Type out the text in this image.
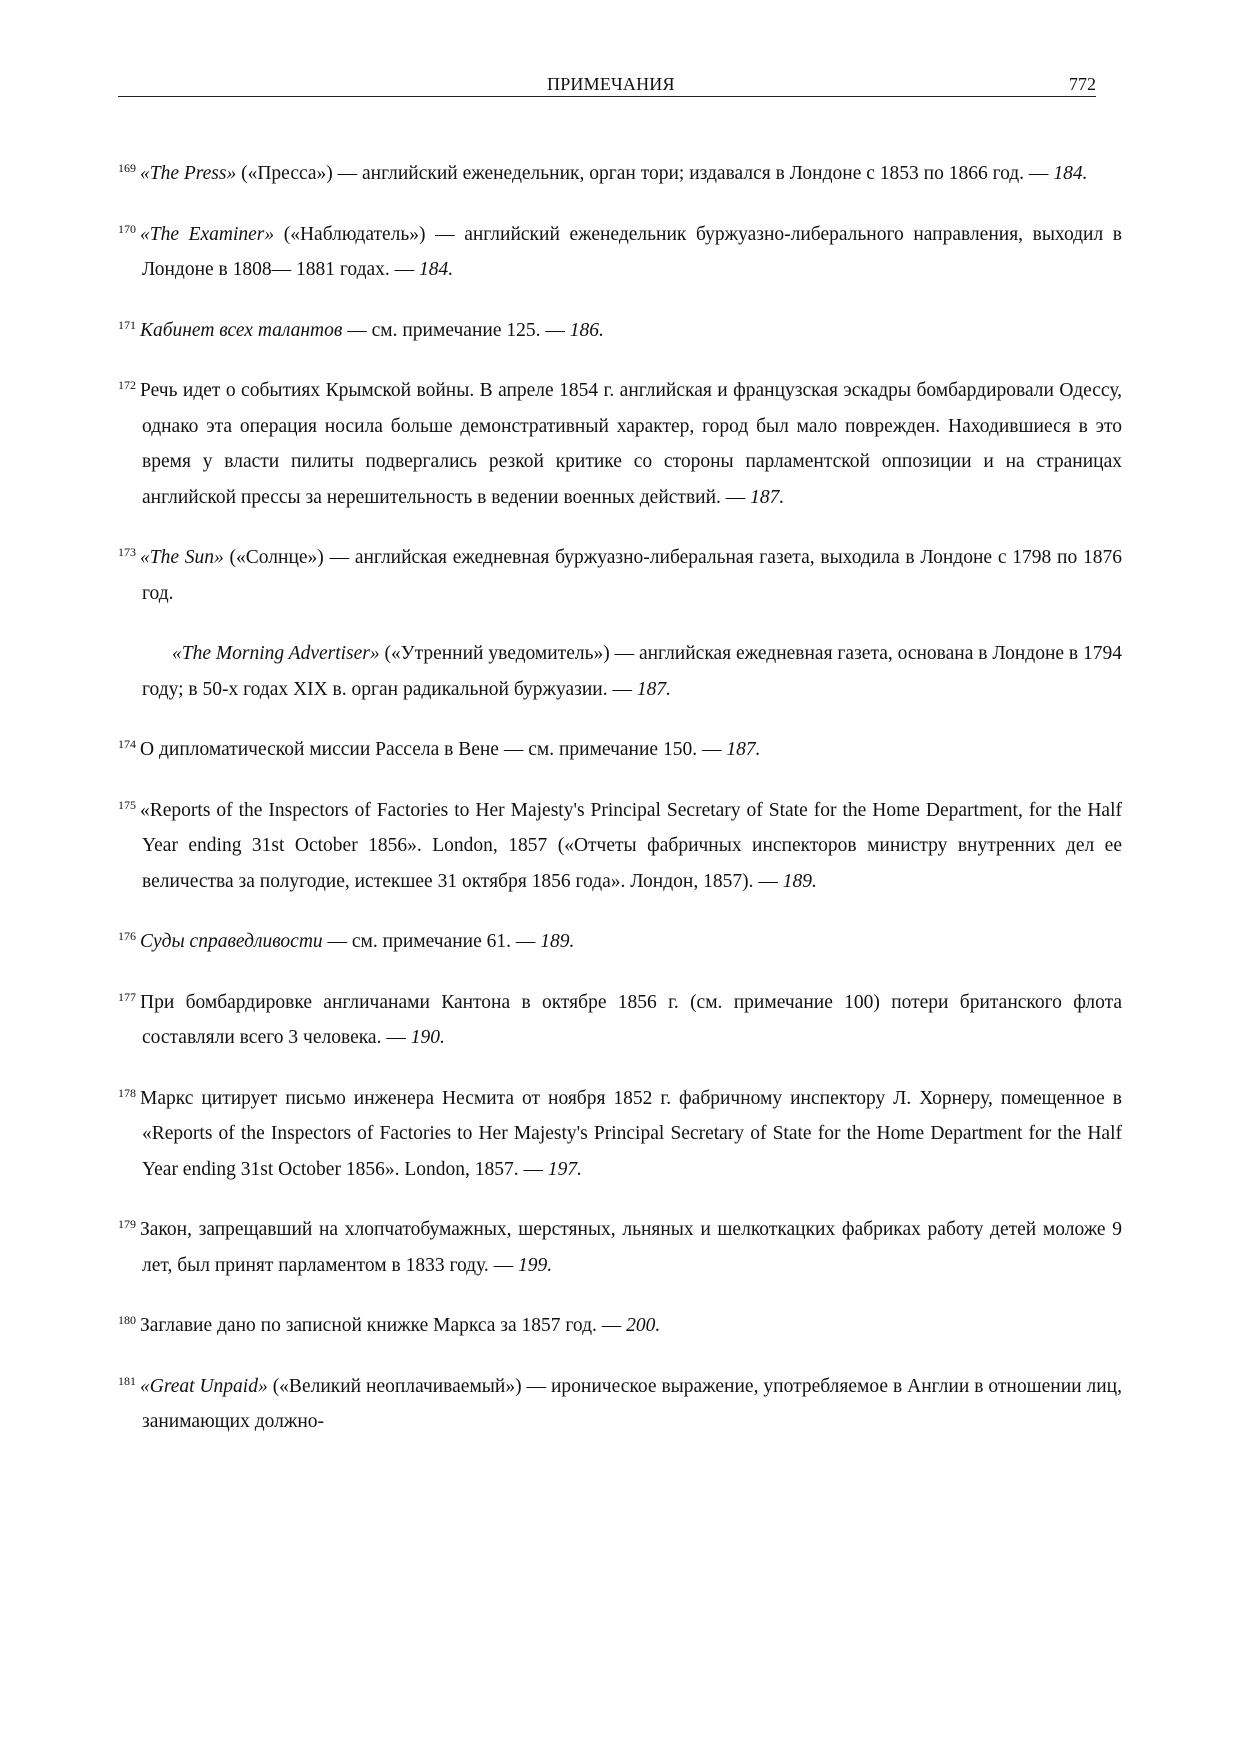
ПРИМЕЧАНИЯ	772

$^{169}$ «The Press» («Пресса») — английский еженедельник, орган тори; издавался в Лондоне с 1853 по 1866 год. — 184.

$^{170}$ «The Examiner» («Наблюдатель») — английский еженедельник буржуазно-либерального направления, выходил в Лондоне в 1808— 1881 годах. — 184.

$^{171}$ Кабинет всех талантов — см. примечание 125. — 186.

$^{172}$ Речь идет о событиях Крымской войны. В апреле 1854 г. английская и французская эскадры бомбардировали Одессу, однако эта операция носила больше демонстративный характер, город был мало поврежден. Находившиеся в это время у власти пилиты подвергались резкой критике со стороны парламентской оппозиции и на страницах английской прессы за нерешительность в ведении военных действий. — 187.

$^{173}$ «The Sun» («Солнце») — английская ежедневная буржуазно-либеральная газета, выходила в Лондоне с 1798 по 1876 год.

«The Morning Advertiser» («Утренний уведомитель») — английская ежедневная газета, основана в Лондоне в 1794 году; в 50-х годах XIX в. орган радикальной буржуазии. — 187.

$^{174}$ О дипломатической миссии Рассела в Вене — см. примечание 150. — 187.

$^{175}$ «Reports of the Inspectors of Factories to Her Majesty's Principal Secretary of State for the Home Department, for the Half Year ending 31st October 1856». London, 1857 («Отчеты фабричных инспекторов министру внутренних дел ее величества за полугодие, истекшее 31 октября 1856 года». Лондон, 1857). — 189.

$^{176}$ Суды справедливости — см. примечание 61. — 189.

$^{177}$ При бомбардировке англичанами Кантона в октябре 1856 г. (см. примечание 100) потери британского флота составляли всего 3 человека. — 190.

$^{178}$ Маркс цитирует письмо инженера Несмита от ноября 1852 г. фабричному инспектору Л. Хорнеру, помещенное в «Reports of the Inspectors of Factories to Her Majesty's Principal Secretary of State for the Home Department for the Half Year ending 31st October 1856». London, 1857. — 197.

$^{179}$ Закон, запрещавший на хлопчатобумажных, шерстяных, льняных и шелкоткацких фабриках работу детей моложе 9 лет, был принят парламентом в 1833 году. — 199.

$^{180}$ Заглавие дано по записной книжке Маркса за 1857 год. — 200.

$^{181}$ «Great Unpaid» («Великий неоплачиваемый») — ироническое выражение, употребляемое в Англии в отношении лиц, занимающих должно-
